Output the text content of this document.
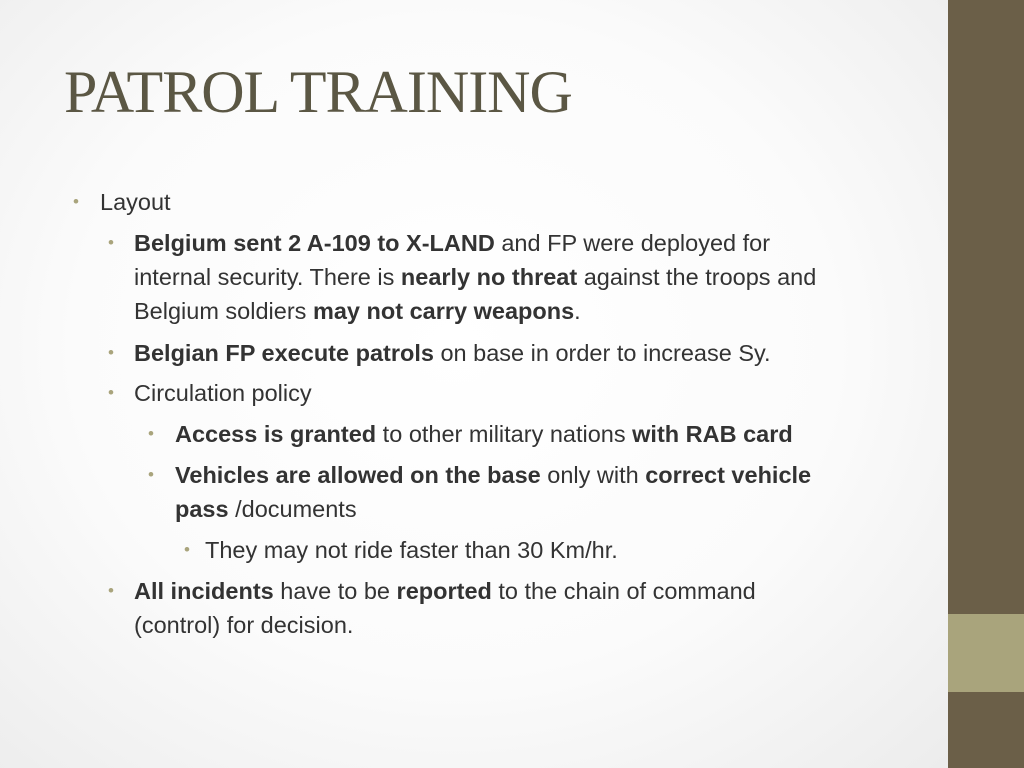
PATROL TRAINING
• Layout
• Belgium sent 2 A-109 to X-LAND and FP were deployed for
internal security. There is nearly no threat against the troops and
Belgium soldiers may not carry weapons.
• Belgian FP execute patrols on base in order to increase Sy.
• Circulation policy
• Access is granted to other military nations with RAB card
• Vehicles are allowed on the base only with correct vehicle
pass /documents
• They may not ride faster than 30 Km/hr.
• All incidents have to be reported to the chain of command
(control) for decision.
